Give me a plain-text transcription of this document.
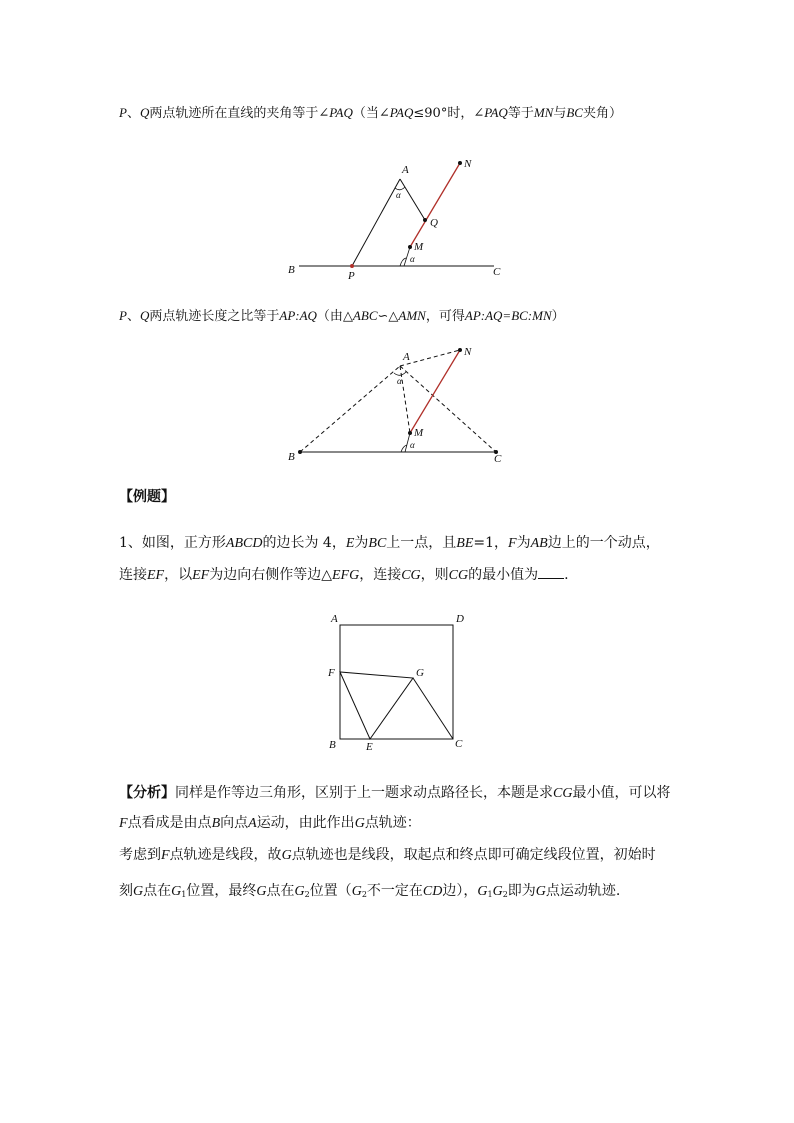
P、Q两点轨迹所在直线的夹角等于∠PAQ（当∠PAQ≤90°时，∠PAQ等于MN与BC夹角）
A	N
Q
M
B	P	C
α
α
P、Q两点轨迹长度之比等于AP:AQ（由△ABC∽△AMN，可得AP:AQ=BC:MN）
A	N
M
B	C
α
α
【例题】
1、如图，正方形ABCD的边长为 4，E为BC上一点，且BE=1，F为AB边上的一个动点，
连接EF，以EF为边向右侧作等边△EFG，连接CG，则CG的最小值为 .
A	D
F	G
B	E	C
【分析】同样是作等边三角形，区别于上一题求动点路径长，本题是求CG最小值，可以将
F点看成是由点B向点A运动，由此作出G点轨迹：
考虑到F点轨迹是线段，故G点轨迹也是线段，取起点和终点即可确定线段位置，初始时
刻G点在$G_1$位置，最终G点在$G_2$位置（$G_2$不一定在CD边），$G_1G_2$即为G点运动轨迹.
